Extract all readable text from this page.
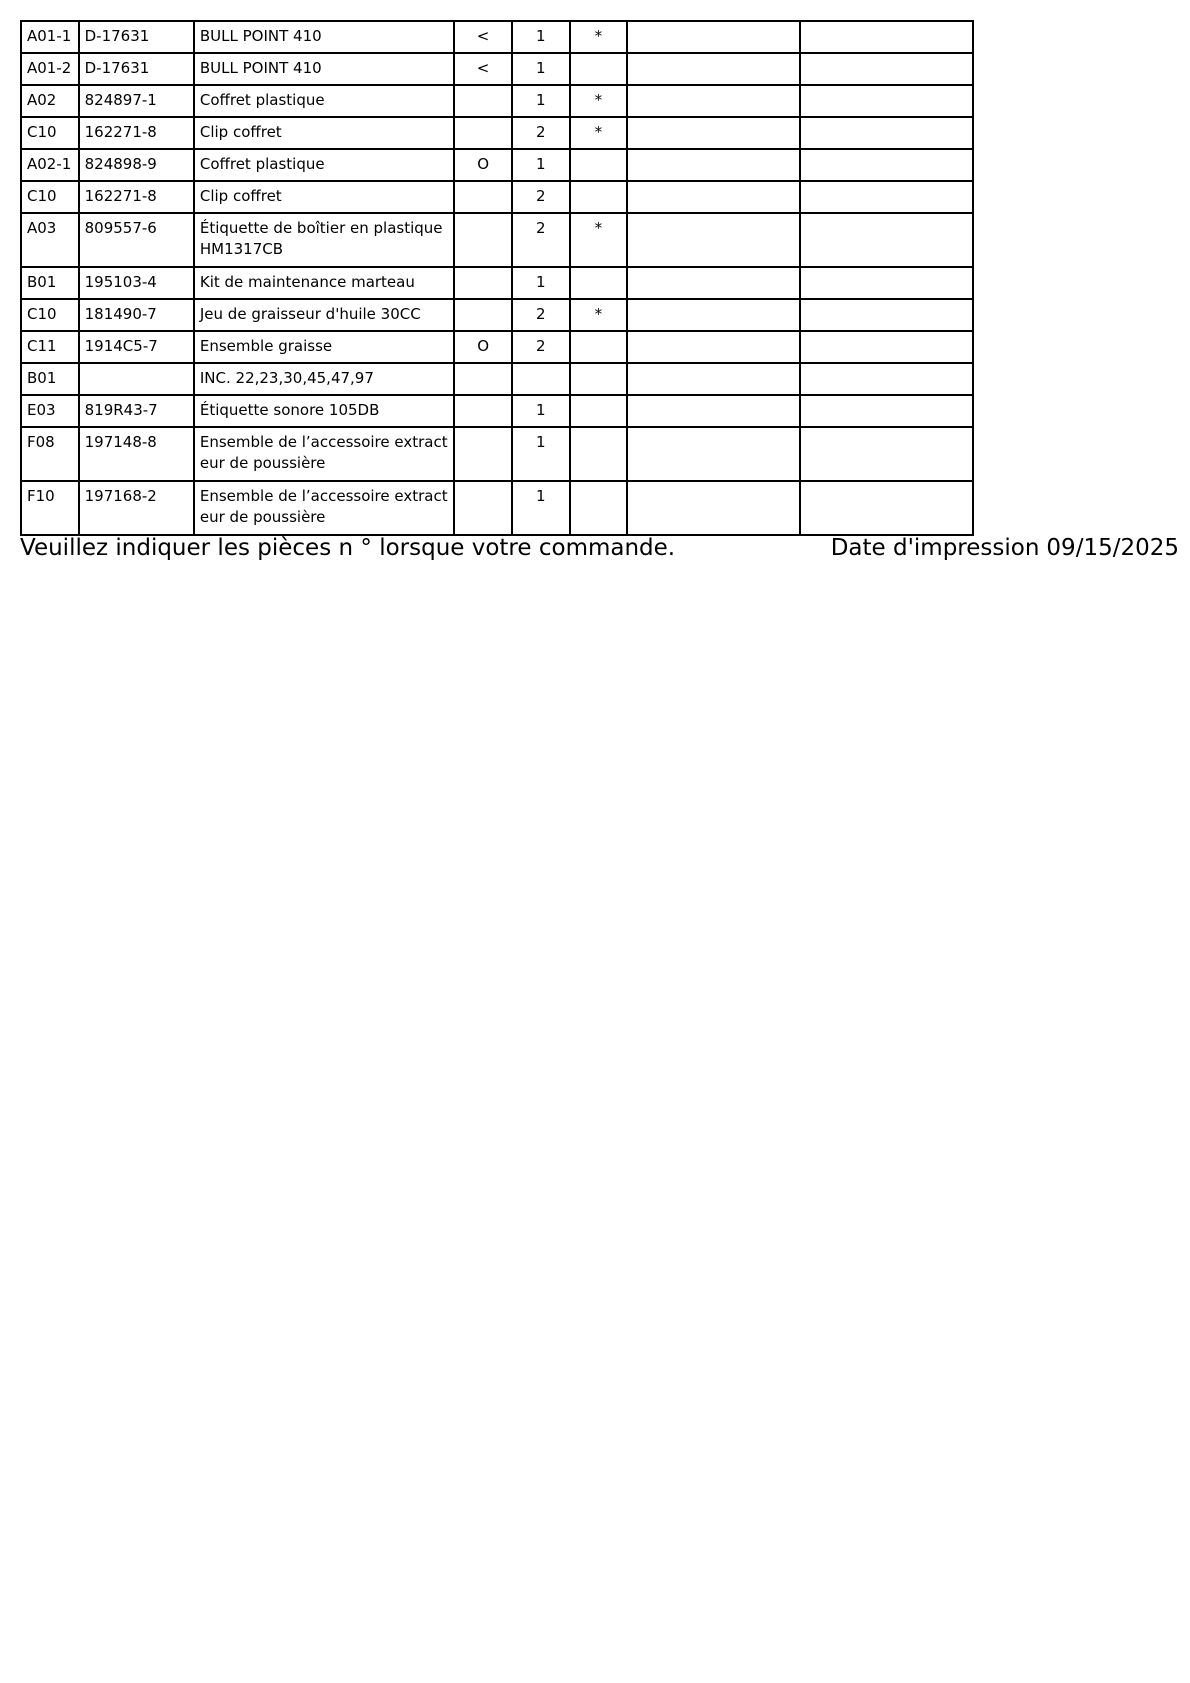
A01-1	D-17631	BULL POINT 410	<	1	*		
A01-2	D-17631	BULL POINT 410	<	1			
A02	824897-1	Coffret plastique		1	*		
C10	162271-8	Clip coffret		2	*		
A02-1	824898-9	Coffret plastique	O	1			
C10	162271-8	Clip coffret		2			
A03	809557-6	Étiquette de boîtier en plastique HM1317CB		2	*		
B01	195103-4	Kit de maintenance marteau		1			
C10	181490-7	Jeu de graisseur d'huile 30CC		2	*		
C11	1914C5-7	Ensemble graisse	O	2			
B01		INC. 22,23,30,45,47,97					
E03	819R43-7	Étiquette sonore 105DB		1			
F08	197148-8	Ensemble de l’accessoire extract eur de poussière		1			
F10	197168-2	Ensemble de l’accessoire extract eur de poussière		1			
Veuillez indiquer les pièces n ° lorsque votre commande.	Date d'impression 09/15/2025
